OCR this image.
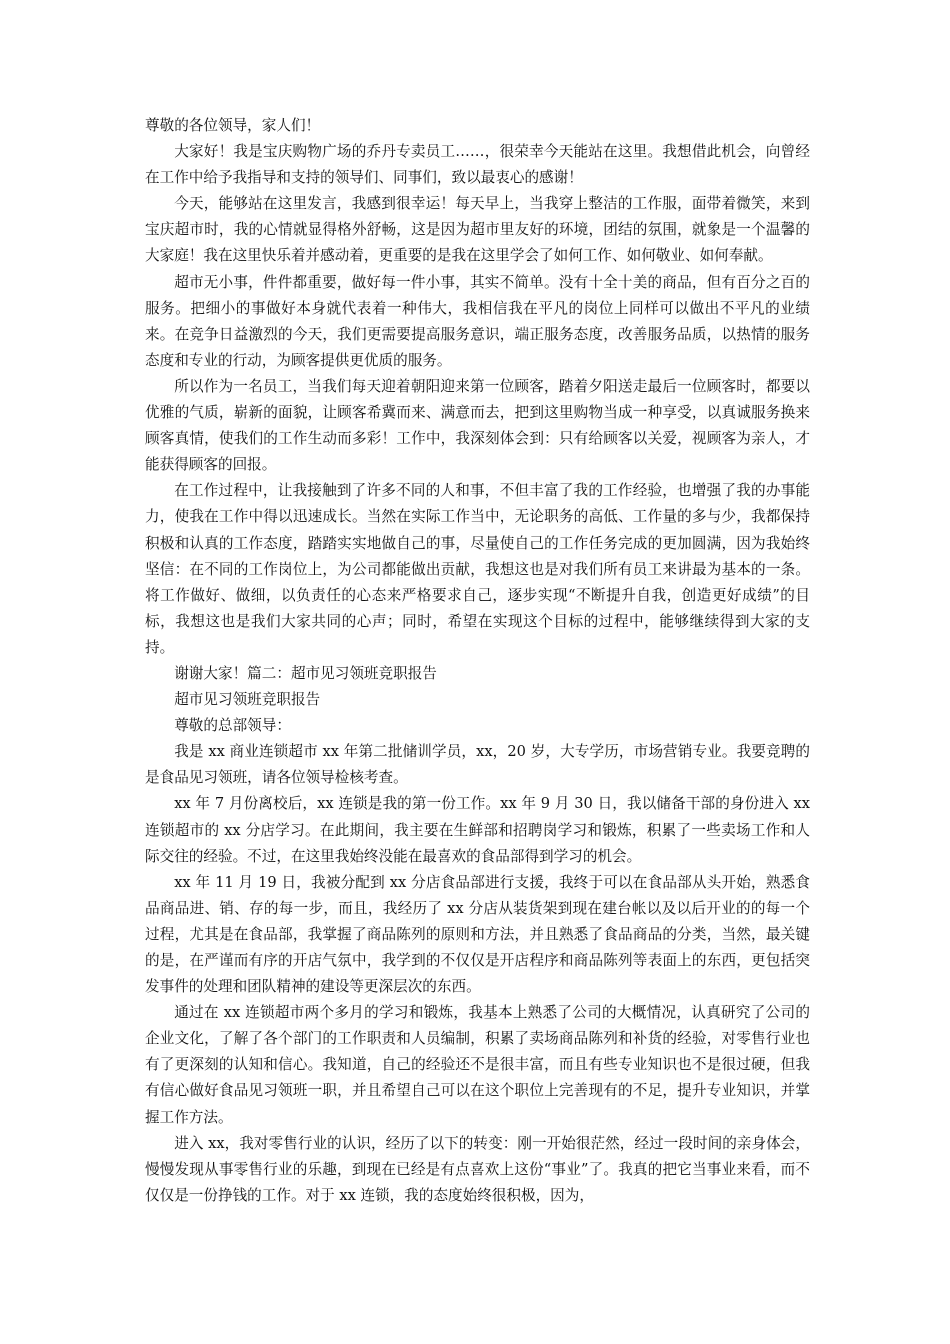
尊敬的各位领导，家人们！

大家好！我是宝庆购物广场的乔丹专卖员工……，很荣幸今天能站在这里。我想借此机会，向曾经在工作中给予我指导和支持的领导们、同事们，致以最衷心的感谢！

今天，能够站在这里发言，我感到很幸运！每天早上，当我穿上整洁的工作服，面带着微笑，来到宝庆超市时，我的心情就显得格外舒畅，这是因为超市里友好的环境，团结的氛围，就象是一个温馨的大家庭！我在这里快乐着并感动着，更重要的是我在这里学会了如何工作、如何敬业、如何奉献。

超市无小事，件件都重要，做好每一件小事，其实不简单。没有十全十美的商品，但有百分之百的服务。把细小的事做好本身就代表着一种伟大，我相信我在平凡的岗位上同样可以做出不平凡的业绩来。在竞争日益激烈的今天，我们更需要提高服务意识，端正服务态度，改善服务品质，以热情的服务态度和专业的行动，为顾客提供更优质的服务。

所以作为一名员工，当我们每天迎着朝阳迎来第一位顾客，踏着夕阳送走最后一位顾客时，都要以优雅的气质，崭新的面貌，让顾客希冀而来、满意而去，把到这里购物当成一种享受，以真诚服务换来顾客真情，使我们的工作生动而多彩！工作中，我深刻体会到：只有给顾客以关爱，视顾客为亲人，才能获得顾客的回报。

在工作过程中，让我接触到了许多不同的人和事，不但丰富了我的工作经验，也增强了我的办事能力，使我在工作中得以迅速成长。当然在实际工作当中，无论职务的高低、工作量的多与少，我都保持积极和认真的工作态度，踏踏实实地做自己的事，尽量使自己的工作任务完成的更加圆满，因为我始终坚信：在不同的工作岗位上，为公司都能做出贡献，我想这也是对我们所有员工来讲最为基本的一条。将工作做好、做细，以负责任的心态来严格要求自己，逐步实现“不断提升自我，创造更好成绩”的目标，我想这也是我们大家共同的心声；同时，希望在实现这个目标的过程中，能够继续得到大家的支持。

谢谢大家！篇二：超市见习领班竞职报告

超市见习领班竞职报告

尊敬的总部领导：

我是 xx 商业连锁超市 xx 年第二批储训学员，xx，20 岁，大专学历，市场营销专业。我要竞聘的是食品见习领班，请各位领导检核考查。

xx 年 7 月份离校后，xx 连锁是我的第一份工作。xx 年 9 月 30 日，我以储备干部的身份进入 xx 连锁超市的 xx 分店学习。在此期间，我主要在生鲜部和招聘岗学习和锻炼，积累了一些卖场工作和人际交往的经验。不过，在这里我始终没能在最喜欢的食品部得到学习的机会。

xx 年 11 月 19 日，我被分配到 xx 分店食品部进行支援，我终于可以在食品部从头开始，熟悉食品商品进、销、存的每一步，而且，我经历了 xx 分店从装货架到现在建台帐以及以后开业的的每一个过程，尤其是在食品部，我掌握了商品陈列的原则和方法，并且熟悉了食品商品的分类，当然，最关键的是，在严谨而有序的开店气氛中，我学到的不仅仅是开店程序和商品陈列等表面上的东西，更包括突发事件的处理和团队精神的建设等更深层次的东西。

通过在 xx 连锁超市两个多月的学习和锻炼，我基本上熟悉了公司的大概情况，认真研究了公司的企业文化，了解了各个部门的工作职责和人员编制，积累了卖场商品陈列和补货的经验，对零售行业也有了更深刻的认知和信心。我知道，自己的经验还不是很丰富，而且有些专业知识也不是很过硬，但我有信心做好食品见习领班一职，并且希望自己可以在这个职位上完善现有的不足，提升专业知识，并掌握工作方法。

进入 xx，我对零售行业的认识，经历了以下的转变：刚一开始很茫然，经过一段时间的亲身体会，慢慢发现从事零售行业的乐趣，到现在已经是有点喜欢上这份“事业”了。我真的把它当事业来看，而不仅仅是一份挣钱的工作。对于 xx 连锁，我的态度始终很积极，因为，
